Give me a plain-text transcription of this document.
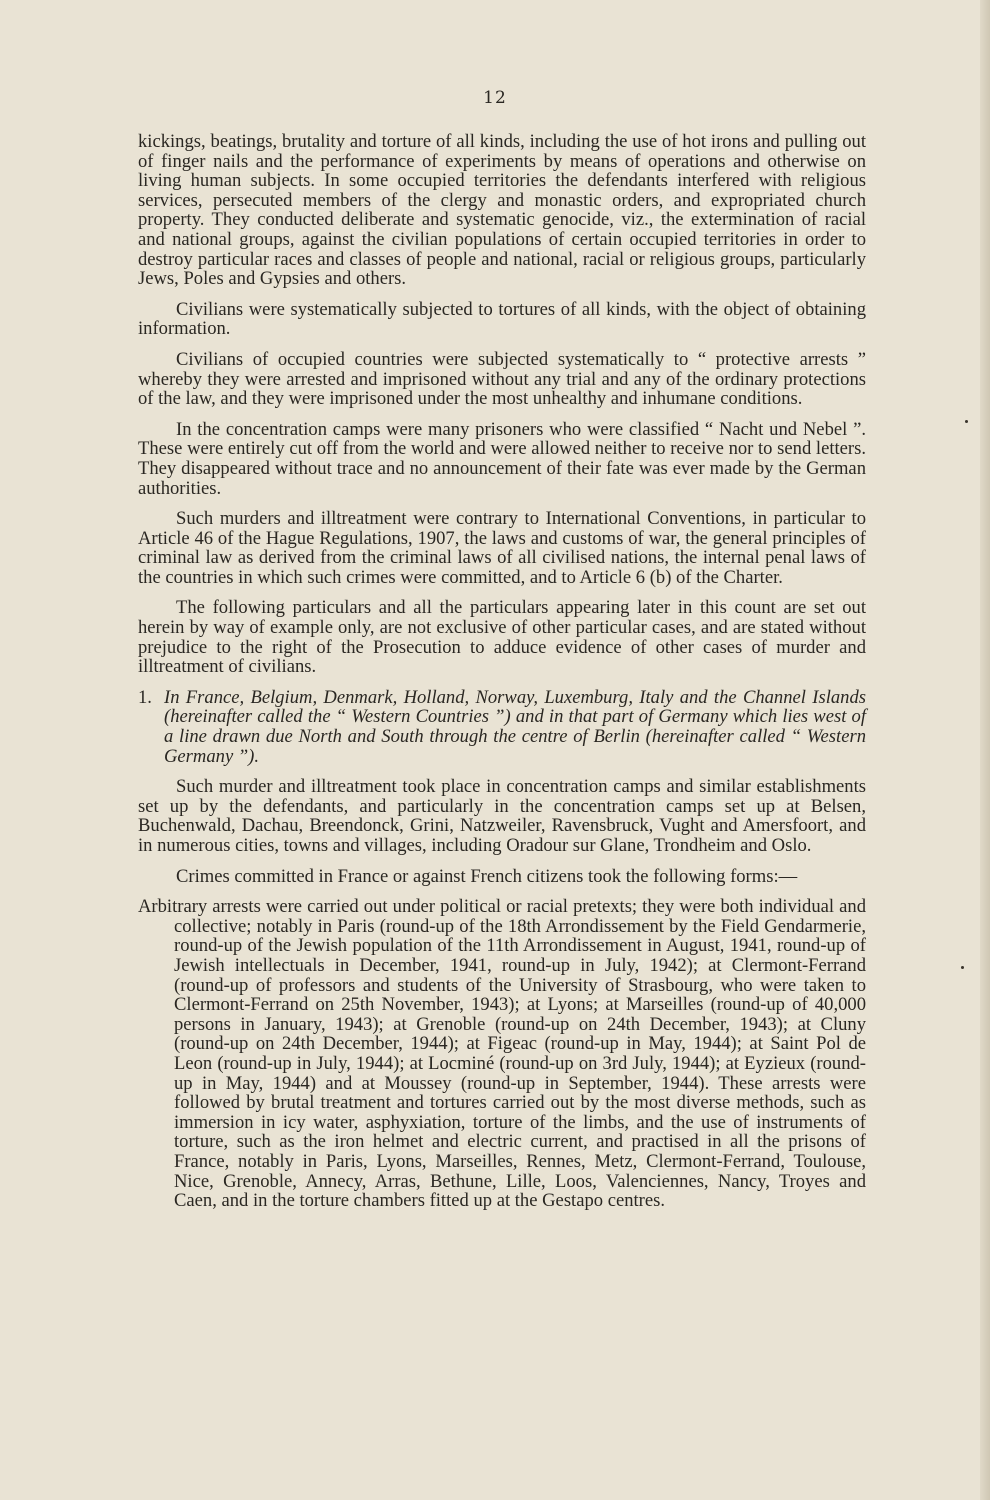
12

kickings, beatings, brutality and torture of all kinds, including the use of hot irons and pulling out of finger nails and the performance of experiments by means of operations and otherwise on living human subjects. In some occupied territories the defendants interfered with religious services, persecuted members of the clergy and monastic orders, and expropriated church property. They conducted deliberate and systematic genocide, viz., the extermination of racial and national groups, against the civilian populations of certain occupied territories in order to destroy particular races and classes of people and national, racial or religious groups, particularly Jews, Poles and Gypsies and others.

Civilians were systematically subjected to tortures of all kinds, with the object of obtaining information.

Civilians of occupied countries were subjected systematically to “ protective arrests ” whereby they were arrested and imprisoned without any trial and any of the ordinary protections of the law, and they were imprisoned under the most unhealthy and inhumane conditions.

In the concentration camps were many prisoners who were classified “ Nacht und Nebel ”. These were entirely cut off from the world and were allowed neither to receive nor to send letters. They disappeared without trace and no announcement of their fate was ever made by the German authorities.

Such murders and illtreatment were contrary to International Conventions, in particular to Article 46 of the Hague Regulations, 1907, the laws and customs of war, the general principles of criminal law as derived from the criminal laws of all civilised nations, the internal penal laws of the countries in which such crimes were committed, and to Article 6 (b) of the Charter.

The following particulars and all the particulars appearing later in this count are set out herein by way of example only, are not exclusive of other particular cases, and are stated without prejudice to the right of the Prosecution to adduce evidence of other cases of murder and illtreatment of civilians.

1. In France, Belgium, Denmark, Holland, Norway, Luxemburg, Italy and the Channel Islands (hereinafter called the “ Western Countries ”) and in that part of Germany which lies west of a line drawn due North and South through the centre of Berlin (hereinafter called “ Western Germany ”).

Such murder and illtreatment took place in concentration camps and similar establishments set up by the defendants, and particularly in the concentration camps set up at Belsen, Buchenwald, Dachau, Breendonck, Grini, Natzweiler, Ravensbruck, Vught and Amersfoort, and in numerous cities, towns and villages, including Oradour sur Glane, Trondheim and Oslo.

Crimes committed in France or against French citizens took the following forms:—

Arbitrary arrests were carried out under political or racial pretexts; they were both individual and collective; notably in Paris (round-up of the 18th Arrondissement by the Field Gendarmerie, round-up of the Jewish population of the 11th Arrondissement in August, 1941, round-up of Jewish intellectuals in December, 1941, round-up in July, 1942); at Clermont-Ferrand (round-up of professors and students of the University of Strasbourg, who were taken to Clermont-Ferrand on 25th November, 1943); at Lyons; at Marseilles (round-up of 40,000 persons in January, 1943); at Grenoble (round-up on 24th December, 1943); at Cluny (round-up on 24th December, 1944); at Figeac (round-up in May, 1944); at Saint Pol de Leon (round-up in July, 1944); at Locminé (round-up on 3rd July, 1944); at Eyzieux (round-up in May, 1944) and at Moussey (round-up in September, 1944). These arrests were followed by brutal treatment and tortures carried out by the most diverse methods, such as immersion in icy water, asphyxiation, torture of the limbs, and the use of instruments of torture, such as the iron helmet and electric current, and practised in all the prisons of France, notably in Paris, Lyons, Marseilles, Rennes, Metz, Clermont-Ferrand, Toulouse, Nice, Grenoble, Annecy, Arras, Bethune, Lille, Loos, Valenciennes, Nancy, Troyes and Caen, and in the torture chambers fitted up at the Gestapo centres.
